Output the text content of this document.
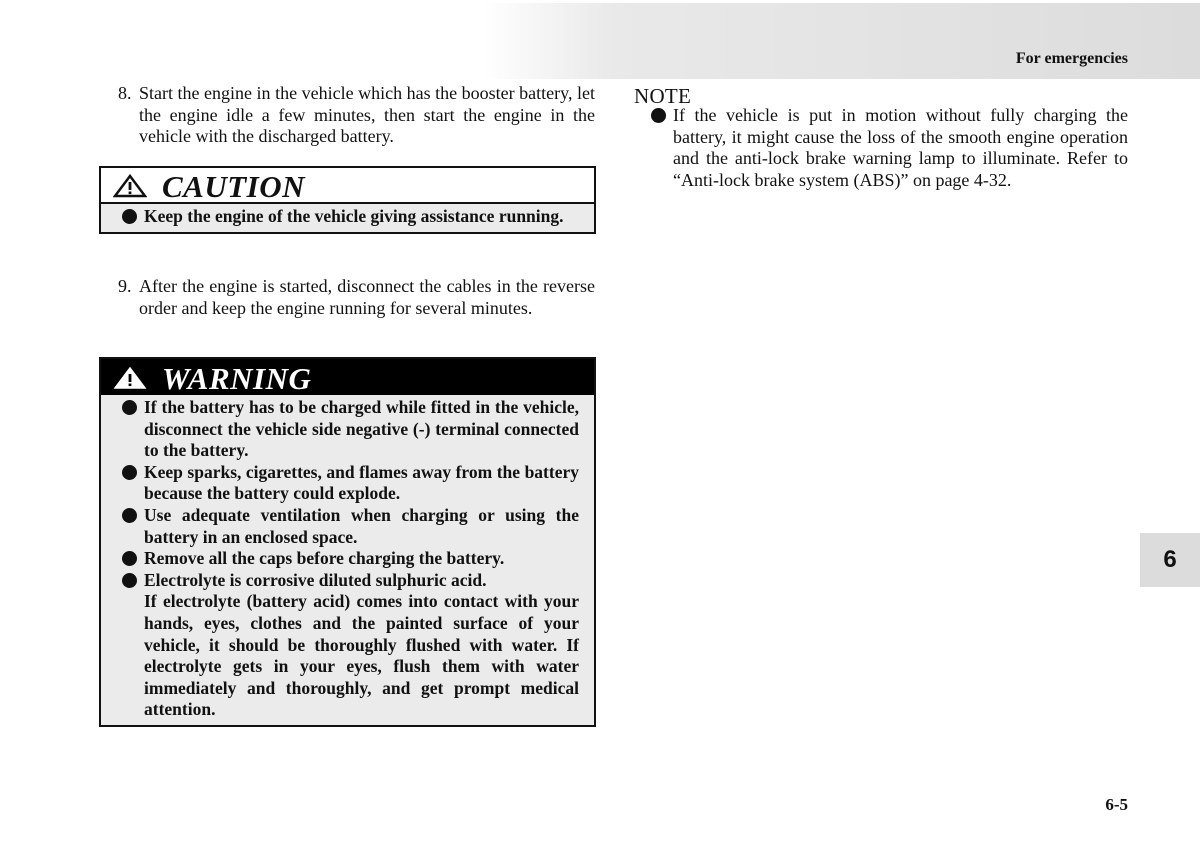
For emergencies
8. Start the engine in the vehicle which has the booster battery, let the engine idle a few minutes, then start the engine in the vehicle with the discharged battery.
CAUTION
Keep the engine of the vehicle giving assistance running.
9. After the engine is started, disconnect the cables in the reverse order and keep the engine running for several minutes.
WARNING
If the battery has to be charged while fitted in the vehicle, disconnect the vehicle side negative (-) terminal connected to the battery.
Keep sparks, cigarettes, and flames away from the battery because the battery could explode.
Use adequate ventilation when charging or using the battery in an enclosed space.
Remove all the caps before charging the battery.
Electrolyte is corrosive diluted sulphuric acid.
If electrolyte (battery acid) comes into contact with your hands, eyes, clothes and the painted surface of your vehicle, it should be thoroughly flushed with water. If electrolyte gets in your eyes, flush them with water immediately and thoroughly, and get prompt medical attention.
NOTE
If the vehicle is put in motion without fully charging the battery, it might cause the loss of the smooth engine operation and the anti-lock brake warning lamp to illuminate. Refer to “Anti-lock brake system (ABS)” on page 4-32.
6
6-5
